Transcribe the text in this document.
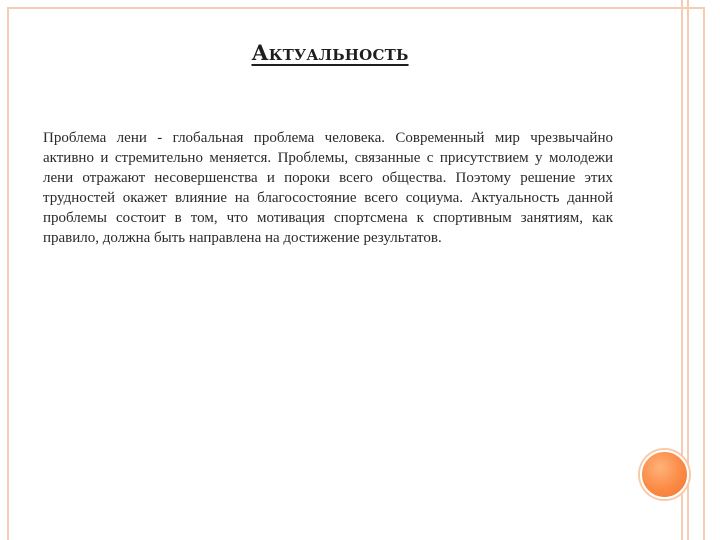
Актуальность

Проблема лени - глобальная проблема человека. Современный мир чрезвычайно активно и стремительно меняется. Проблемы, связанные с присутствием у молодежи лени отражают несовершенства и пороки всего общества. Поэтому решение этих трудностей окажет влияние на благосостояние всего социума. Актуальность данной проблемы состоит в том, что мотивация спортсмена к спортивным занятиям, как правило, должна быть направлена на достижение результатов.
